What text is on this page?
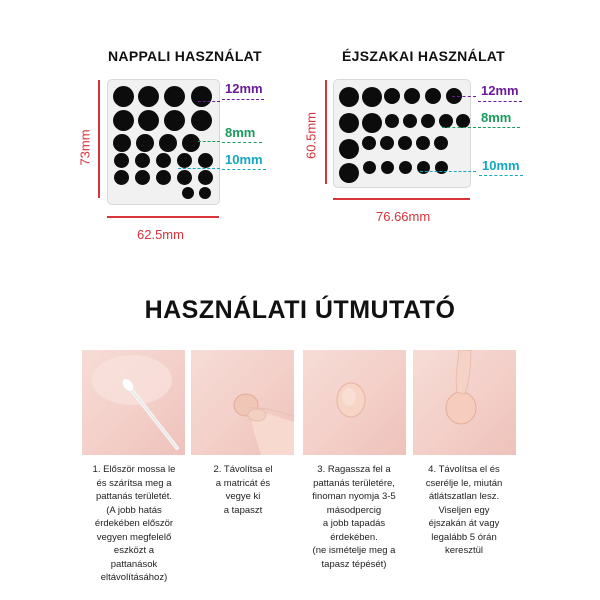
NAPPALI HASZNÁLAT
73mm
62.5mm
12mm
8mm
10mm
ÉJSZAKAI HASZNÁLAT
60.5mm
76.66mm
12mm
8mm
10mm
HASZNÁLATI ÚTMUTATÓ
1. Először mossa le
és szárítsa meg a
pattanás területét.
(A jobb hatás
érdekében először
vegyen megfelelő
eszközt a
pattanások
eltávolításához)
2. Távolítsa el
a matricát és
vegye ki
a tapaszt
3. Ragassza fel a
pattanás területére,
finoman nyomja 3-5
másodpercig
a jobb tapadás
érdekében.
(ne ismételje meg a
tapasz tépését)
4. Távolítsa el és
cserélje le, miután
átlátszatlan lesz.
Viseljen egy
éjszakán át vagy
legalább 5 órán
keresztül
